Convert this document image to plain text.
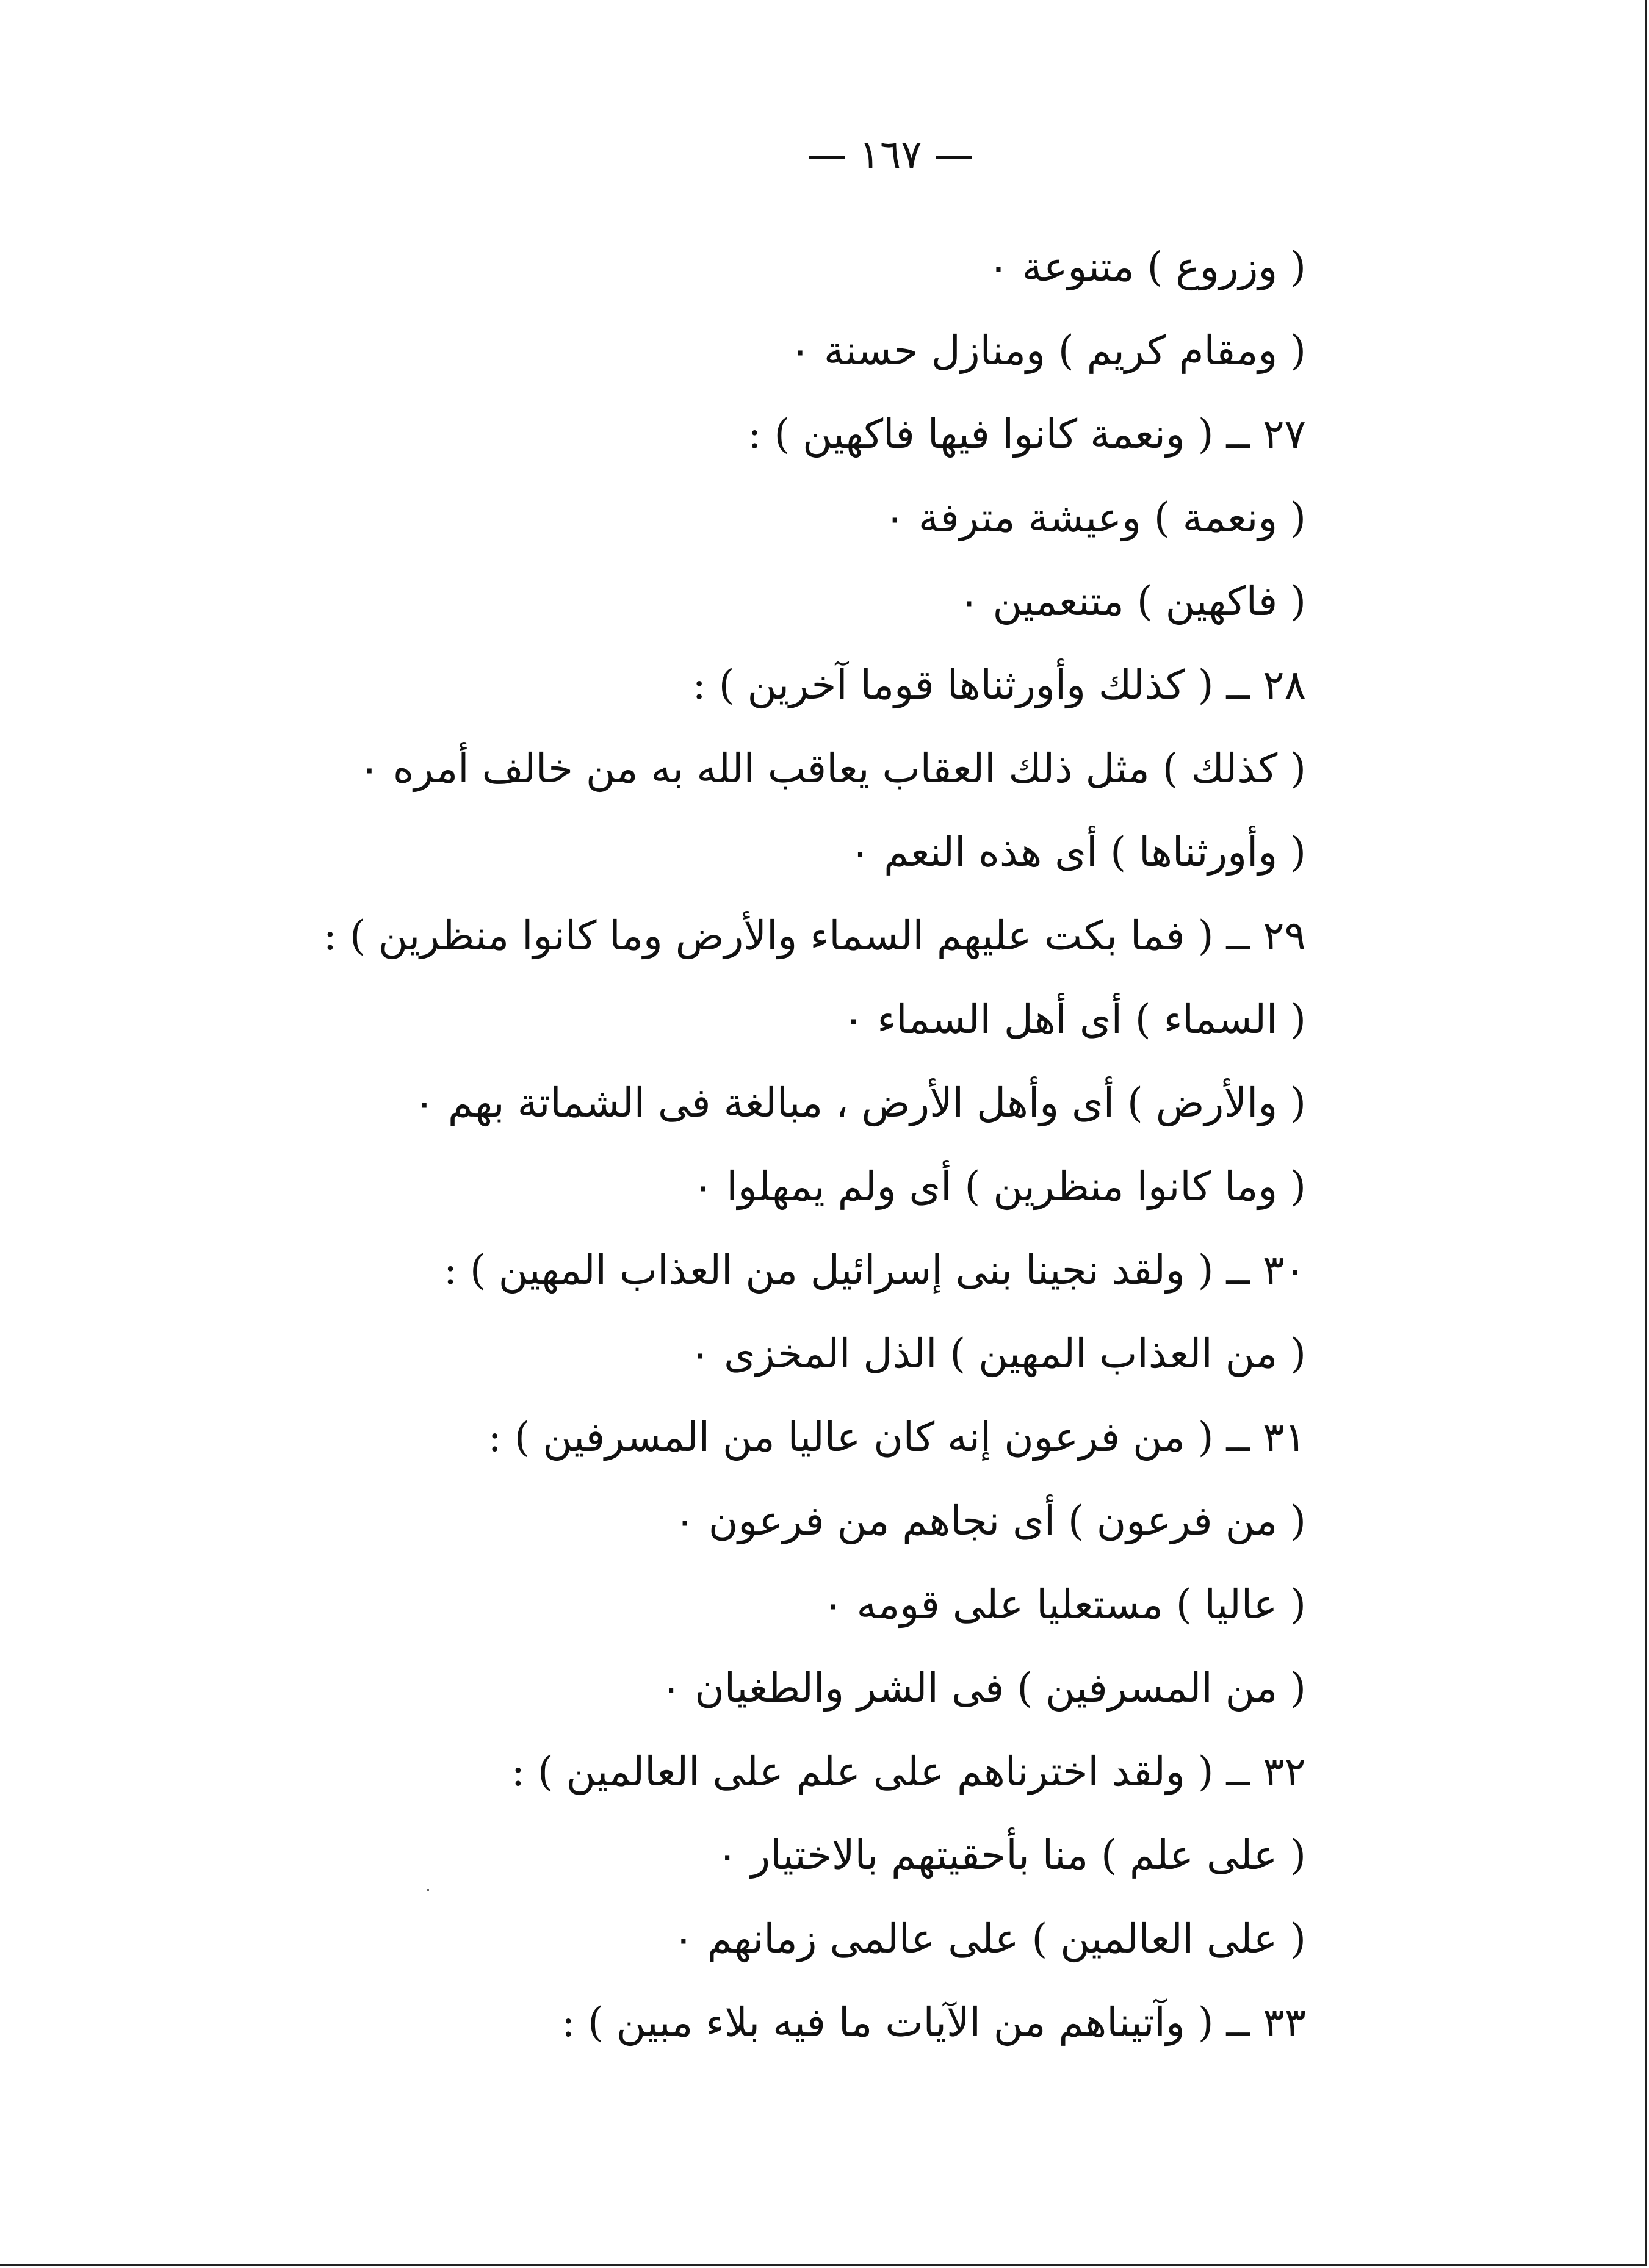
— ١٦٧ —
( وزروع ) متنوعة ٠
( ومقام كريم ) ومنازل حسنة ٠
٢٧ ــ ( ونعمة كانوا فيها فاكهين ) :
( ونعمة ) وعيشة مترفة ٠
( فاكهين ) متنعمين ٠
٢٨ ــ ( كذلك وأورثناها قوما آخرين ) :
( كذلك ) مثل ذلك العقاب يعاقب الله به من خالف أمره ٠
( وأورثناها ) أى هذه النعم ٠
٢٩ ــ ( فما بكت عليهم السماء والأرض وما كانوا منظرين ) :
( السماء ) أى أهل السماء ٠
( والأرض ) أى وأهل الأرض ، مبالغة فى الشماتة بهم ٠
( وما كانوا منظرين ) أى ولم يمهلوا ٠
٣٠ ــ ( ولقد نجينا بنى إسرائيل من العذاب المهين ) :
( من العذاب المهين ) الذل المخزى ٠
٣١ ــ ( من فرعون إنه كان عاليا من المسرفين ) :
( من فرعون ) أى نجاهم من فرعون ٠
( عاليا ) مستعليا على قومه ٠
( من المسرفين ) فى الشر والطغيان ٠
٣٢ ــ ( ولقد اخترناهم على علم على العالمين ) :
( على علم ) منا بأحقيتهم بالاختيار ٠
( على العالمين ) على عالمى زمانهم ٠
٣٣ ــ ( وآتيناهم من الآيات ما فيه بلاء مبين ) :
